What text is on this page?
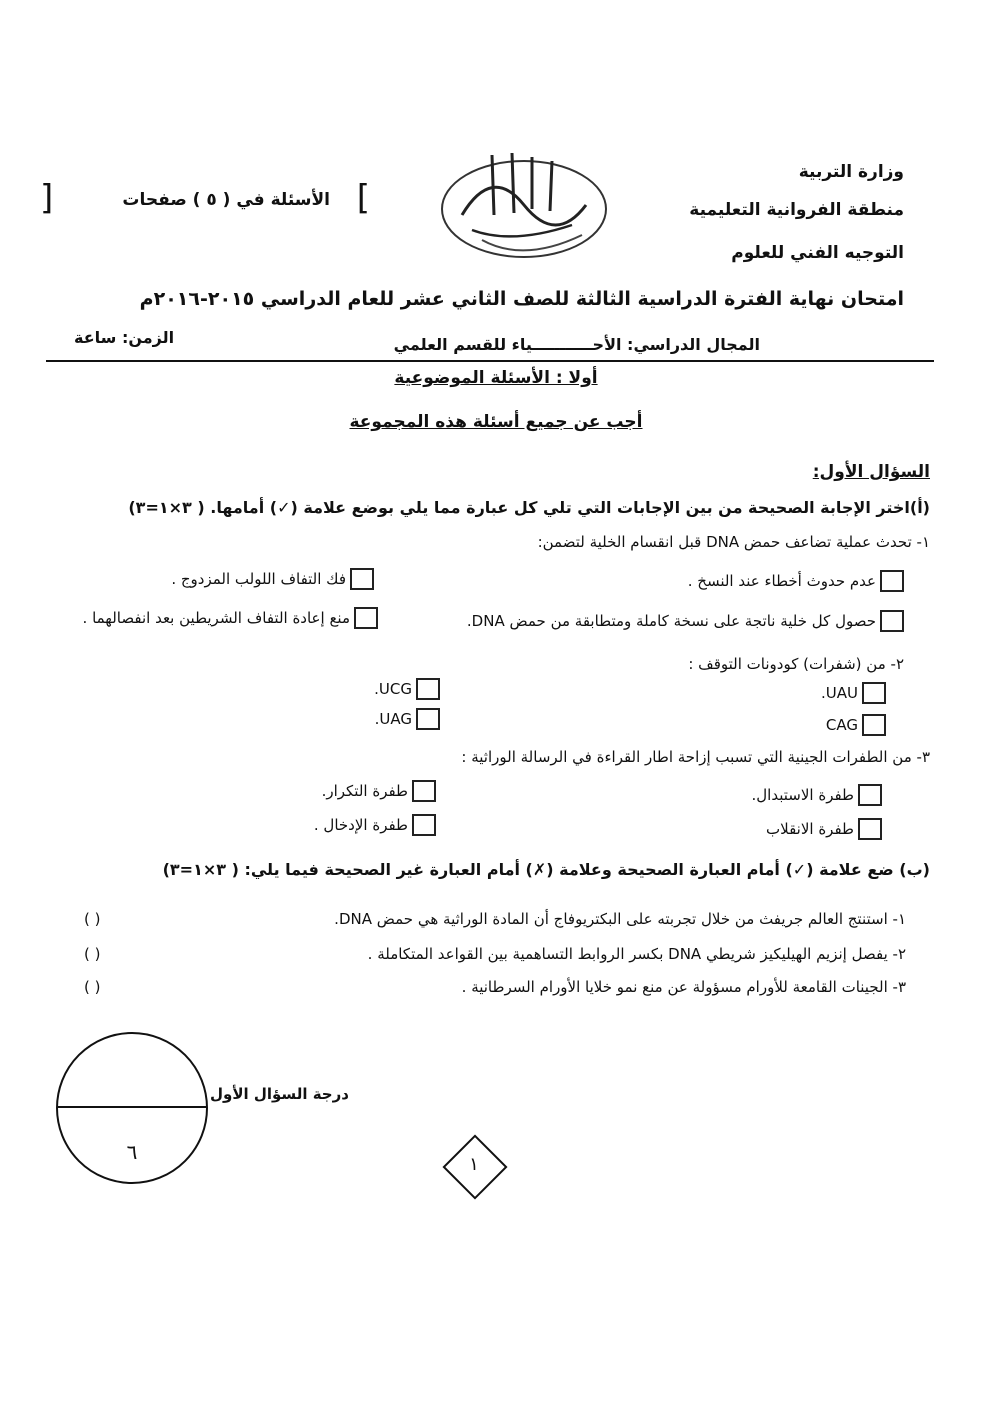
وزارة التربية
منطقة الفروانية التعليمية
التوجيه الفني للعلوم
[	]
الأسئلة في ( ٥ ) صفحات
امتحان نهاية الفترة الدراسية الثالثة للصف الثاني عشر للعام الدراسي ٢٠١٥-٢٠١٦م
المجال الدراسي: الأحـــــــــــياء للقسم العلمي
الزمن: ساعة
أولا : الأسئلة الموضوعية
أجب عن جميع أسئلة هذه المجموعة
السؤال الأول:
(أ)اختر الإجابة الصحيحة من بين الإجابات التي تلي كل عبارة مما يلي بوضع علامة (✓) أمامها. ( ٣×١=٣)
١- تحدث عملية تضاعف حمض DNA قبل انقسام الخلية لتضمن:
عدم حدوث أخطاء عند النسخ .
فك التفاف اللولب المزدوج .
حصول كل خلية ناتجة على نسخة كاملة ومتطابقة من حمض DNA.
منع إعادة التفاف الشريطين بعد انفصالهما .
٢- من (شفرات) كودونات التوقف :
UAU.
UCG.
CAG
UAG.
٣- من الطفرات الجينية التي تسبب إزاحة اطار القراءة في الرسالة الوراثية :
طفرة الاستبدال.
طفرة التكرار.
طفرة الانقلاب
طفرة الإدخال .
(ب) ضع علامة (✓) أمام العبارة الصحيحة وعلامة (✗) أمام العبارة غير الصحيحة فيما يلي: ( ٣×١=٣)
١- استنتج العالم جريفث من خلال تجربته على البكتريوفاج أن المادة الوراثية هي حمض DNA.
( )
٢- يفصل إنزيم الهيليكيز شريطي DNA بكسر الروابط التساهمية بين القواعد المتكاملة .
( )
٣- الجينات القامعة للأورام مسؤولة عن منع نمو خلايا الأورام السرطانية .
( )
٦
درجة السؤال الأول
١
